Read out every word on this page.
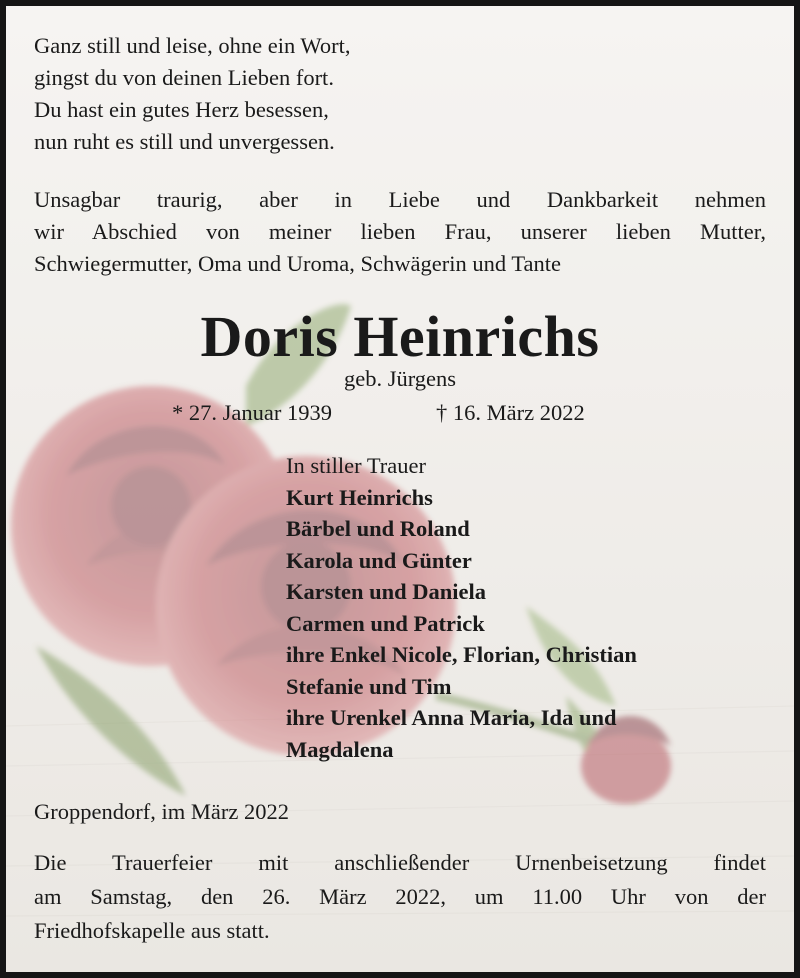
Ganz still und leise, ohne ein Wort,
gingst du von deinen Lieben fort.
Du hast ein gutes Herz besessen,
nun ruht es still und unvergessen.
Unsagbar traurig, aber in Liebe und Dankbarkeit nehmen
wir Abschied von meiner lieben Frau, unserer lieben Mutter,
Schwiegermutter, Oma und Uroma, Schwägerin und Tante
Doris Heinrichs
geb. Jürgens
* 27. Januar 1939	† 16. März 2022
In stiller Trauer
Kurt Heinrichs
Bärbel und Roland
Karola und Günter
Karsten und Daniela
Carmen und Patrick
ihre Enkel Nicole, Florian, Christian
Stefanie und Tim
ihre Urenkel Anna Maria, Ida und
Magdalena
Groppendorf, im März 2022
Die Trauerfeier mit anschließender Urnenbeisetzung findet
am Samstag, den 26. März 2022, um 11.00 Uhr von der
Friedhofskapelle aus statt.
